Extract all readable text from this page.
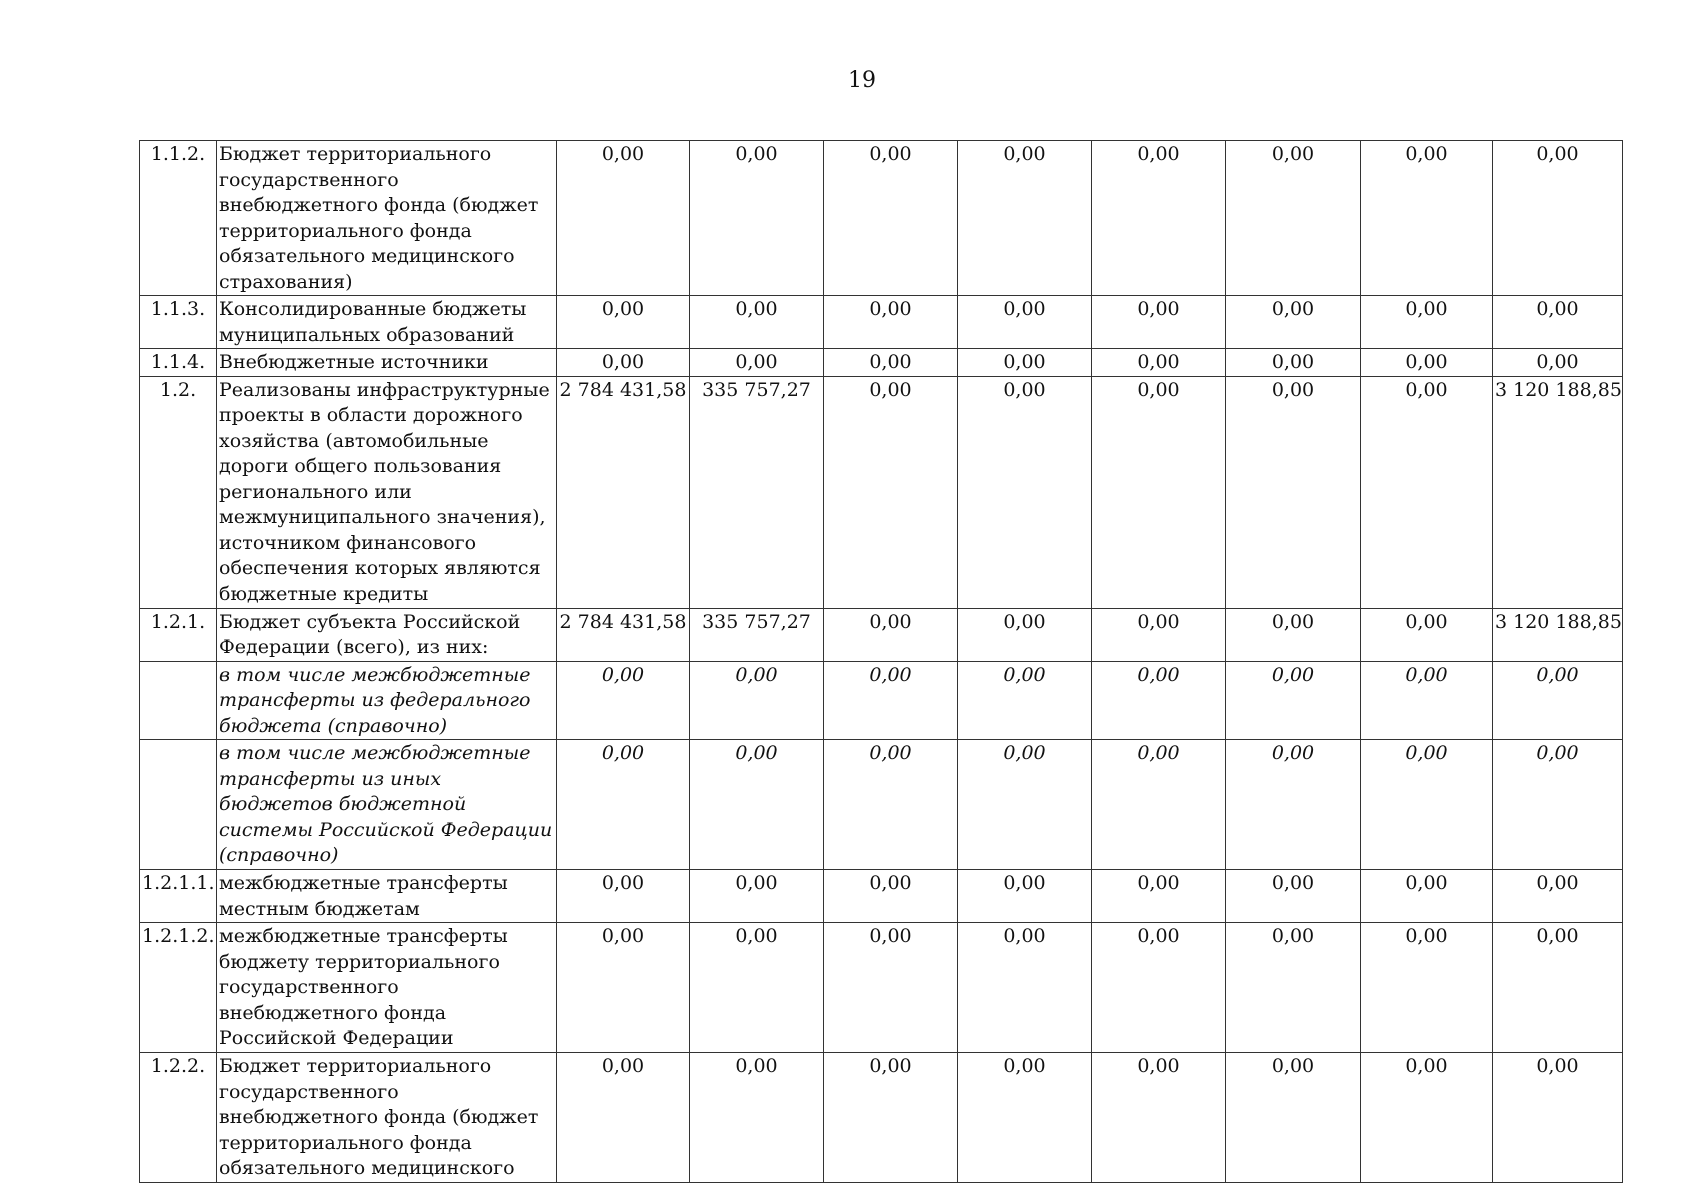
19
1.1.2.	Бюджет территориального государственного внебюджетного фонда (бюджет территориального фонда обязательного медицинского страхования)	0,00	0,00	0,00	0,00	0,00	0,00	0,00	0,00
1.1.3.	Консолидированные бюджеты муниципальных образований	0,00	0,00	0,00	0,00	0,00	0,00	0,00	0,00
1.1.4.	Внебюджетные источники	0,00	0,00	0,00	0,00	0,00	0,00	0,00	0,00
1.2.	Реализованы инфраструктурные проекты в области дорожного хозяйства (автомобильные дороги общего пользования регионального или межмуниципального значения), источником финансового обеспечения которых являются бюджетные кредиты	2 784 431,58	335 757,27	0,00	0,00	0,00	0,00	0,00	3 120 188,85
1.2.1.	Бюджет субъекта Российской Федерации (всего), из них:	2 784 431,58	335 757,27	0,00	0,00	0,00	0,00	0,00	3 120 188,85
	в том числе межбюджетные трансферты из федерального бюджета (справочно)	0,00	0,00	0,00	0,00	0,00	0,00	0,00	0,00
	в том числе межбюджетные трансферты из иных бюджетов бюджетной системы Российской Федерации (справочно)	0,00	0,00	0,00	0,00	0,00	0,00	0,00	0,00
1.2.1.1.	межбюджетные трансферты местным бюджетам	0,00	0,00	0,00	0,00	0,00	0,00	0,00	0,00
1.2.1.2.	межбюджетные трансферты бюджету территориального государственного внебюджетного фонда Российской Федерации	0,00	0,00	0,00	0,00	0,00	0,00	0,00	0,00
1.2.2.	Бюджет территориального государственного внебюджетного фонда (бюджет территориального фонда обязательного медицинского	0,00	0,00	0,00	0,00	0,00	0,00	0,00	0,00
